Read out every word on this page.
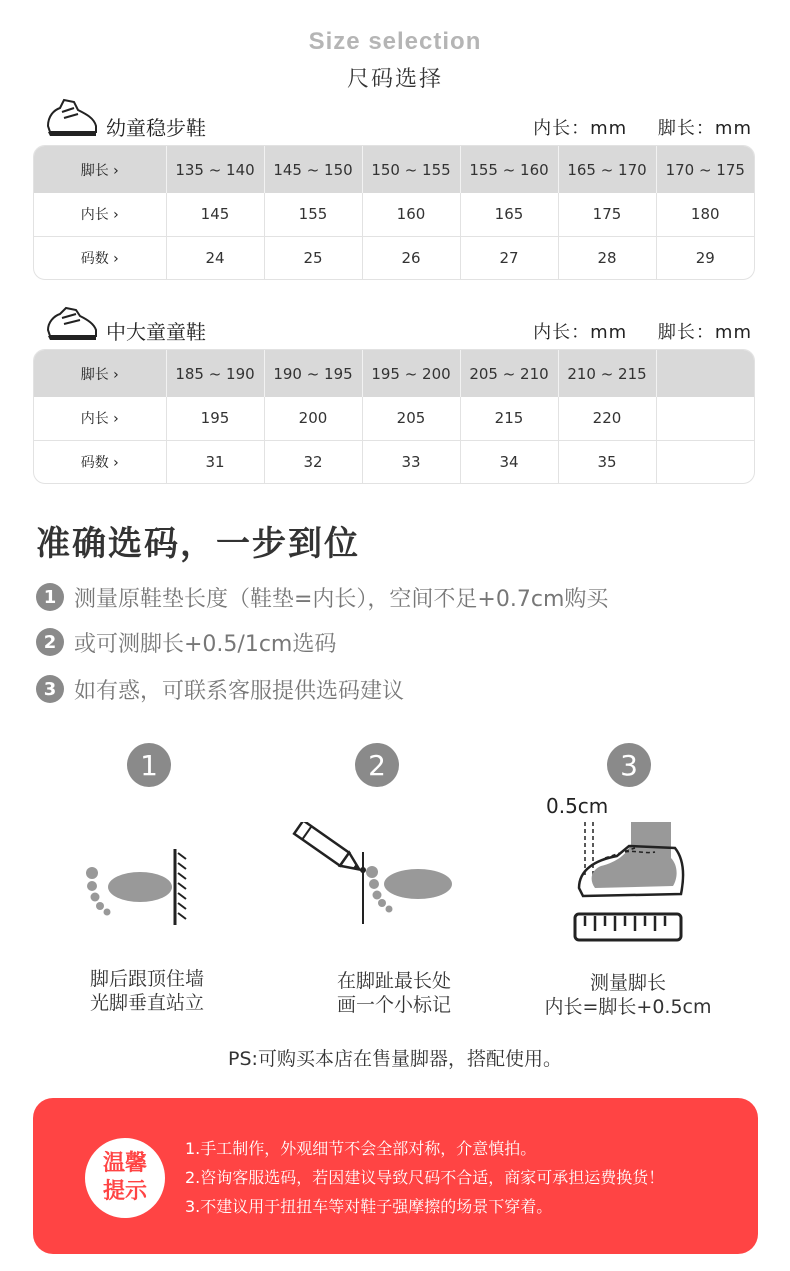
Size selection
尺码选择
幼童稳步鞋	内长：mm 脚长：mm
脚长 ›	135 ~ 140	145 ~ 150	150 ~ 155	155 ~ 160	165 ~ 170	170 ~ 175
内长 ›	145	155	160	165	175	180
码数 ›	24	25	26	27	28	29
中大童童鞋	内长：mm 脚长：mm
脚长 ›	185 ~ 190	190 ~ 195	195 ~ 200	205 ~ 210	210 ~ 215	
内长 ›	195	200	205	215	220	
码数 ›	31	32	33	34	35	
准确选码，一步到位
1 测量原鞋垫长度（鞋垫=内长），空间不足+0.7cm购买
2 或可测脚长+0.5/1cm选码
3 如有惑，可联系客服提供选码建议
1
脚后跟顶住墙
光脚垂直站立
2
在脚趾最长处
画一个小标记
3
0.5cm
测量脚长
内长=脚长+0.5cm
PS:可购买本店在售量脚器，搭配使用。
温馨
提示
1.手工制作，外观细节不会全部对称，介意慎拍。
2.咨询客服选码，若因建议导致尺码不合适，商家可承担运费换货！
3.不建议用于扭扭车等对鞋子强摩擦的场景下穿着。
